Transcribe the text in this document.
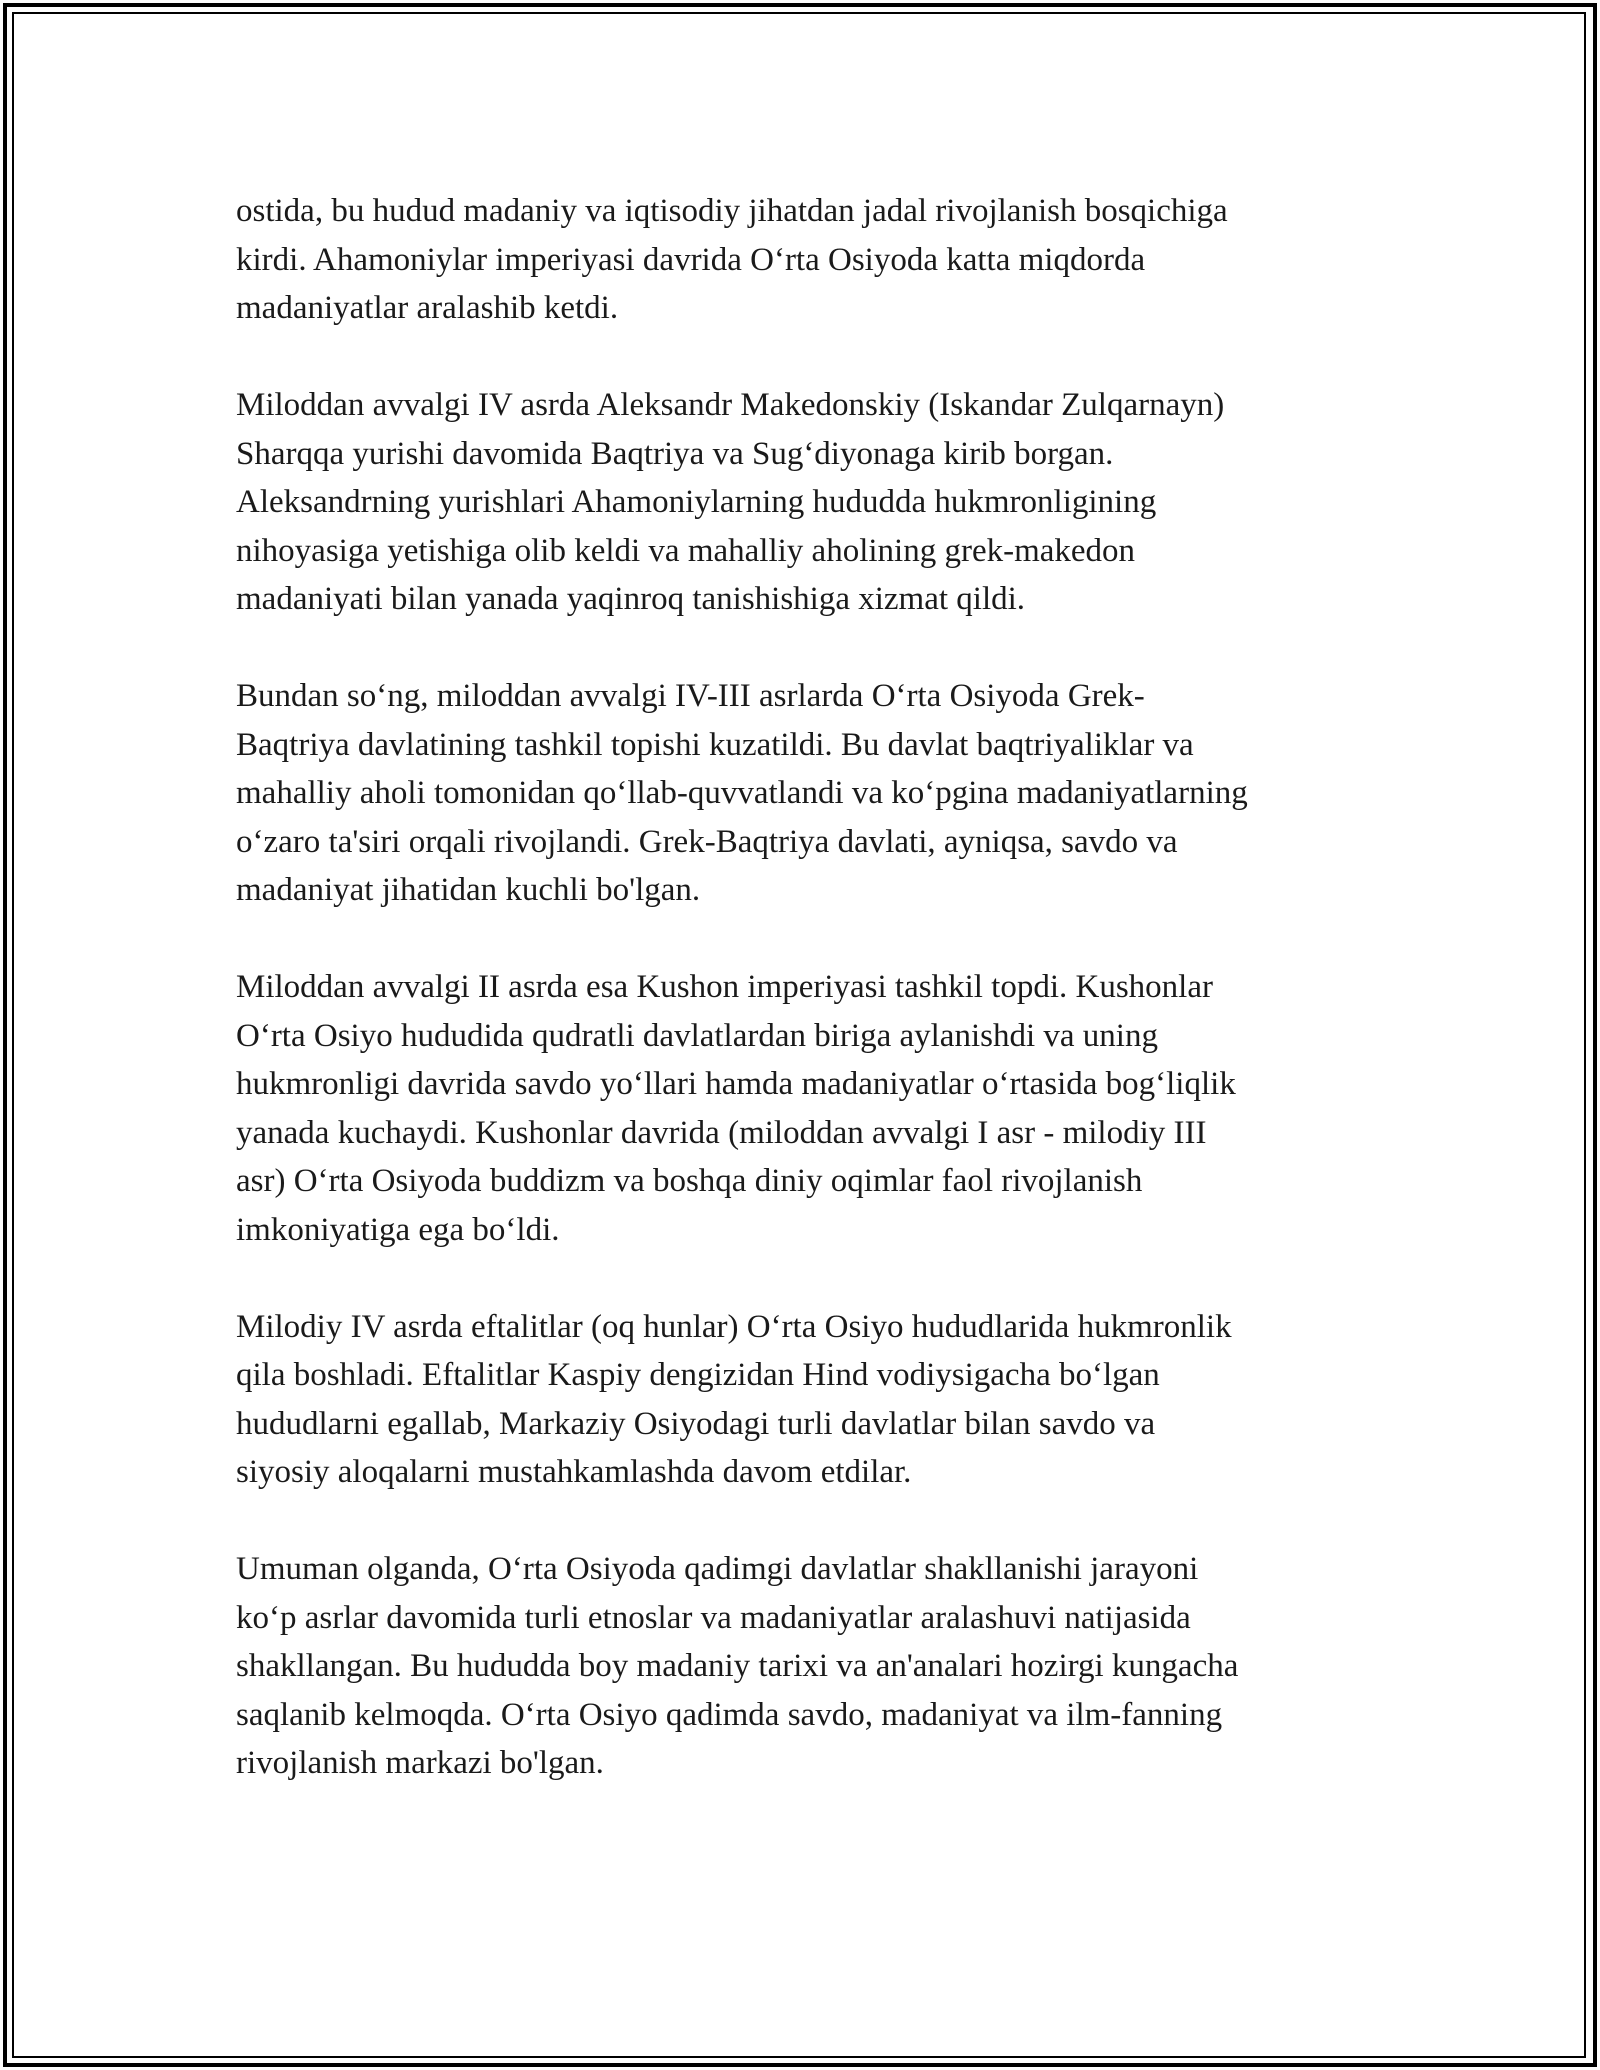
ostida, bu hudud madaniy va iqtisodiy jihatdan jadal rivojlanish bosqichiga
kirdi. Ahamoniylar imperiyasi davrida O‘rta Osiyoda katta miqdorda
madaniyatlar aralashib ketdi.

Miloddan avvalgi IV asrda Aleksandr Makedonskiy (Iskandar Zulqarnayn)
Sharqqa yurishi davomida Baqtriya va Sug‘diyonaga kirib borgan.
Aleksandrning yurishlari Ahamoniylarning hududda hukmronligining
nihoyasiga yetishiga olib keldi va mahalliy aholining grek-makedon
madaniyati bilan yanada yaqinroq tanishishiga xizmat qildi.

Bundan so‘ng, miloddan avvalgi IV-III asrlarda O‘rta Osiyoda Grek-
Baqtriya davlatining tashkil topishi kuzatildi. Bu davlat baqtriyaliklar va
mahalliy aholi tomonidan qo‘llab-quvvatlandi va ko‘pgina madaniyatlarning
o‘zaro ta'siri orqali rivojlandi. Grek-Baqtriya davlati, ayniqsa, savdo va
madaniyat jihatidan kuchli bo'lgan.

Miloddan avvalgi II asrda esa Kushon imperiyasi tashkil topdi. Kushonlar
O‘rta Osiyo hududida qudratli davlatlardan biriga aylanishdi va uning
hukmronligi davrida savdo yo‘llari hamda madaniyatlar o‘rtasida bog‘liqlik
yanada kuchaydi. Kushonlar davrida (miloddan avvalgi I asr - milodiy III
asr) O‘rta Osiyoda buddizm va boshqa diniy oqimlar faol rivojlanish
imkoniyatiga ega bo‘ldi.

Milodiy IV asrda eftalitlar (oq hunlar) O‘rta Osiyo hududlarida hukmronlik
qila boshladi. Eftalitlar Kaspiy dengizidan Hind vodiysigacha bo‘lgan
hududlarni egallab, Markaziy Osiyodagi turli davlatlar bilan savdo va
siyosiy aloqalarni mustahkamlashda davom etdilar.

Umuman olganda, O‘rta Osiyoda qadimgi davlatlar shakllanishi jarayoni
ko‘p asrlar davomida turli etnoslar va madaniyatlar aralashuvi natijasida
shakllangan. Bu hududda boy madaniy tarixi va an'analari hozirgi kungacha
saqlanib kelmoqda. O‘rta Osiyo qadimda savdo, madaniyat va ilm-fanning
rivojlanish markazi bo'lgan.
